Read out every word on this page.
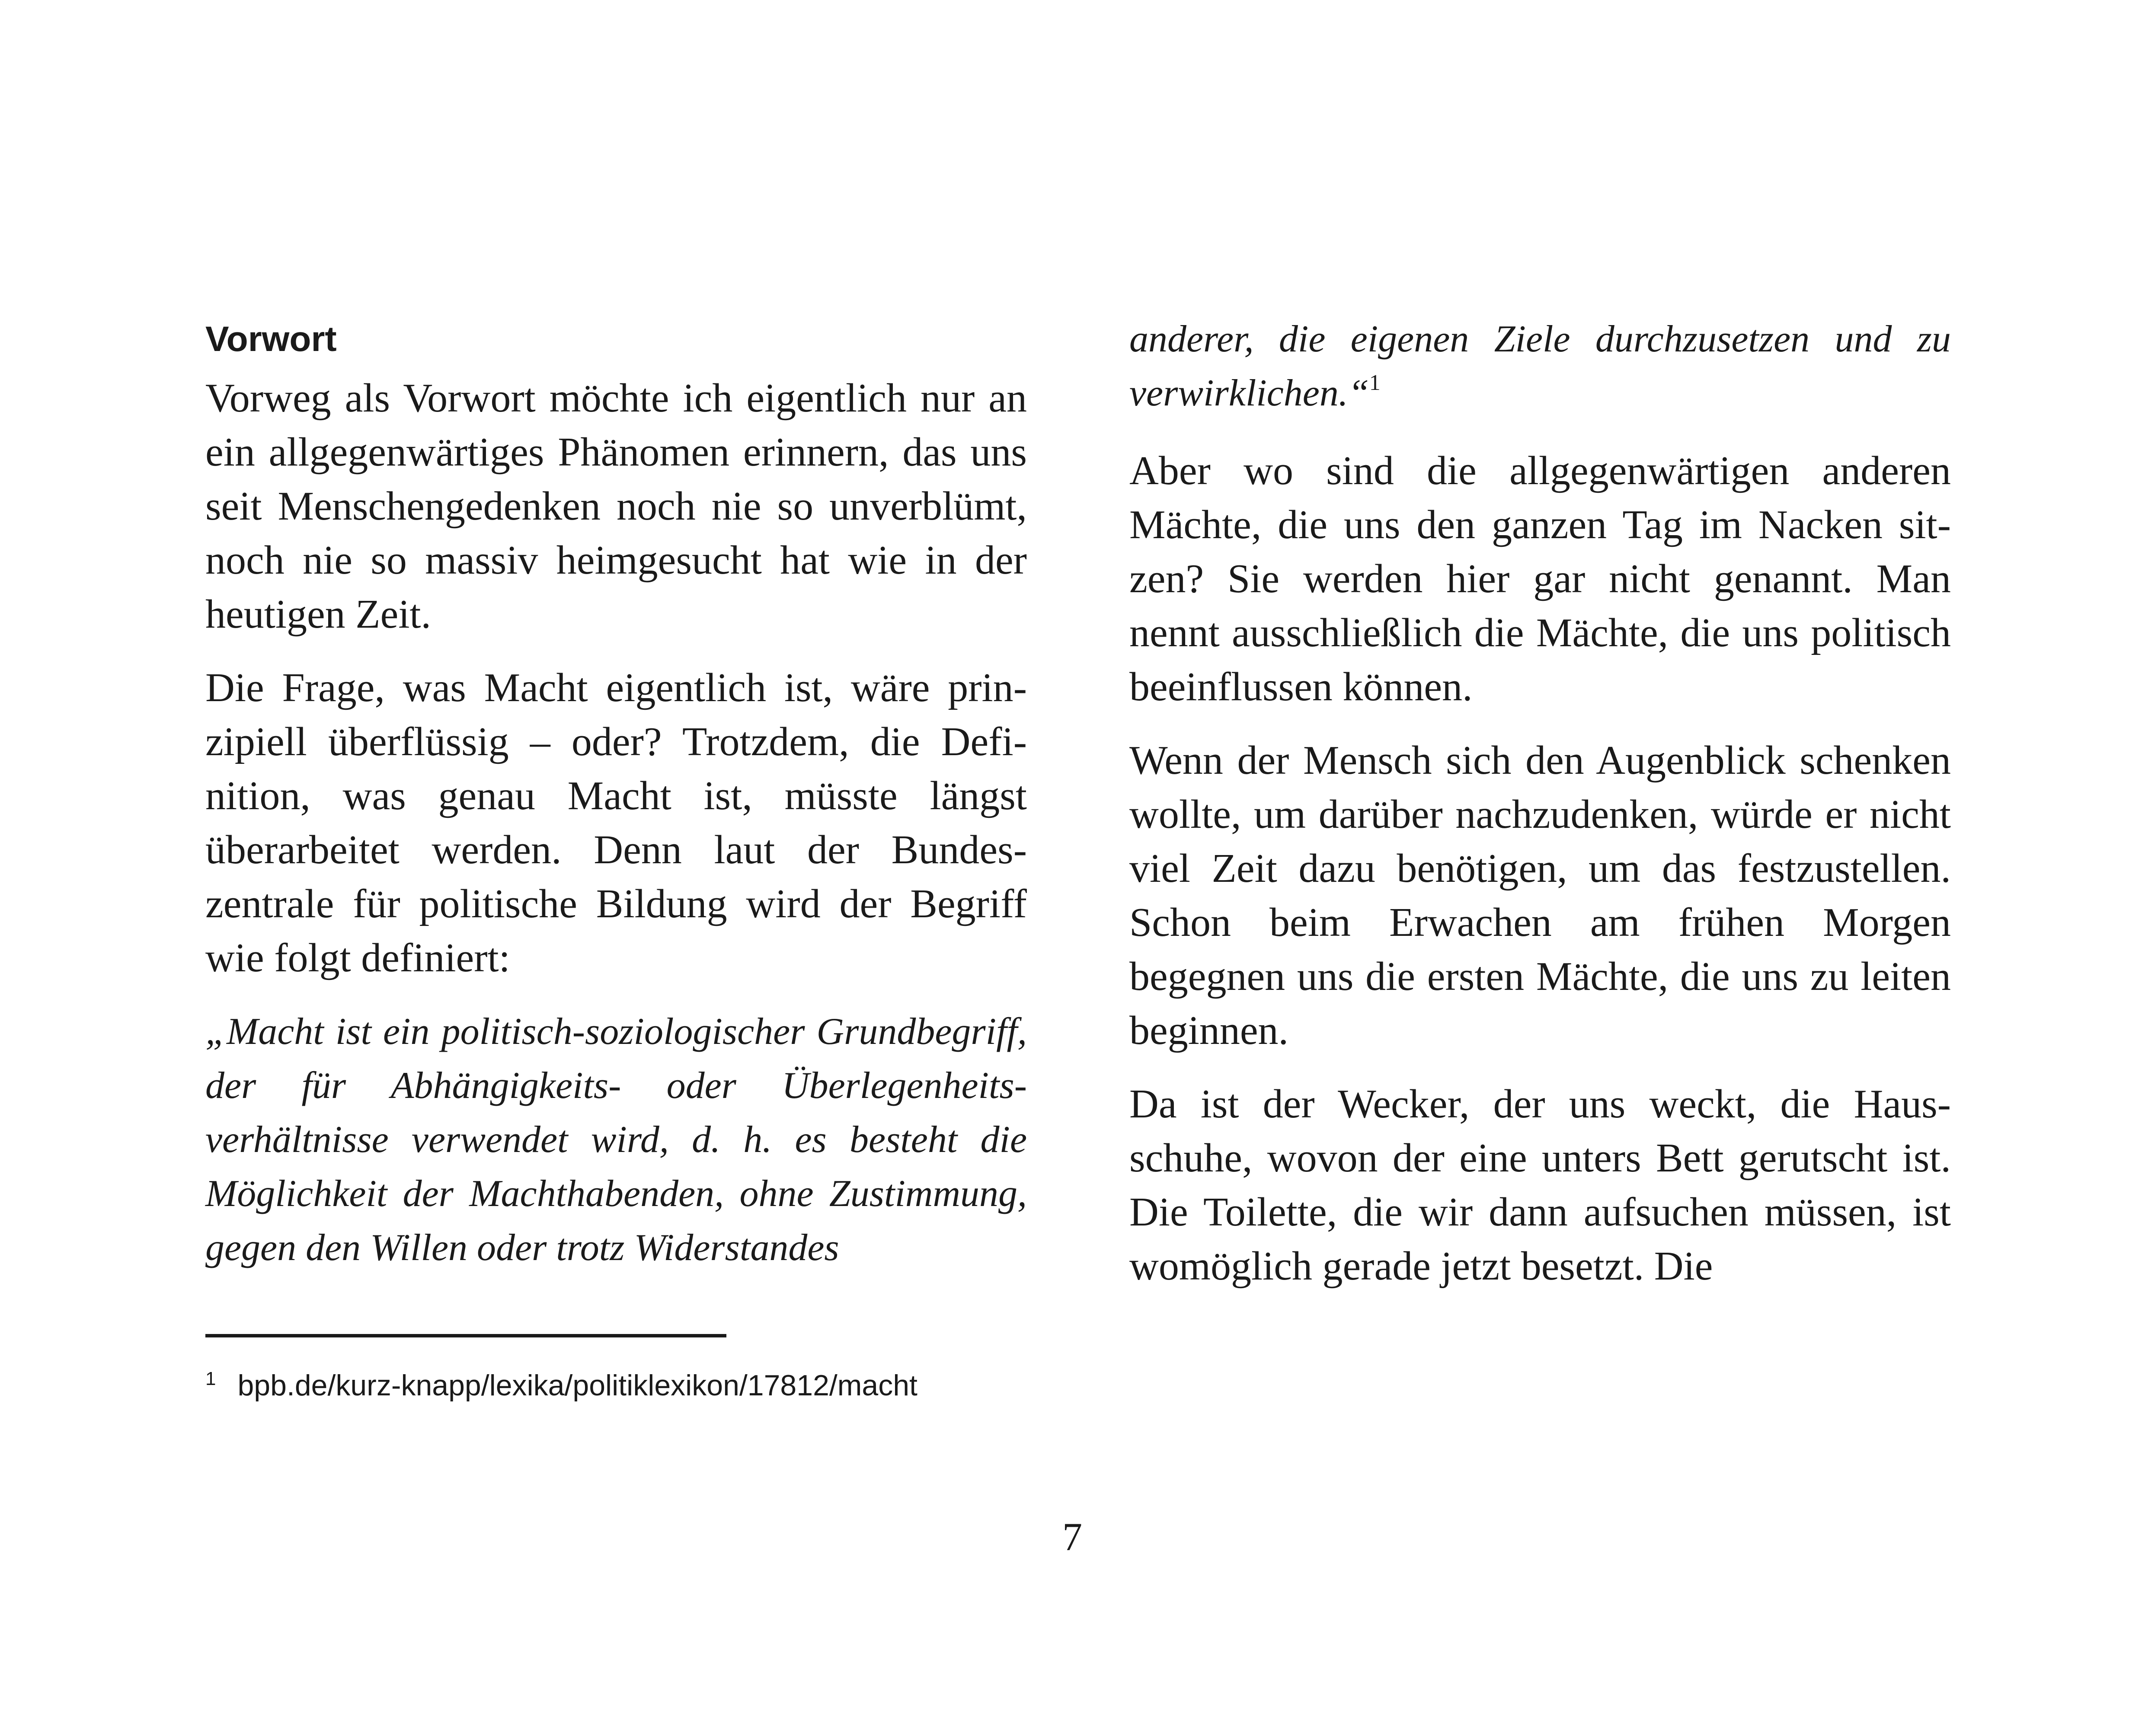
Vorwort

Vorweg als Vorwort möchte ich eigentlich nur an ein allgegenwärtiges Phänomen erinnern, das uns seit Menschengedenken noch nie so unverblümt, noch nie so massiv heimgesucht hat wie in der heutigen Zeit.

Die Frage, was Macht eigentlich ist, wäre prinzipiell überflüssig – oder? Trotzdem, die Definition, was genau Macht ist, müsste längst überarbeitet werden. Denn laut der Bundeszentrale für politische Bildung wird der Begriff wie folgt definiert:

„Macht ist ein politisch-soziologischer Grundbegriff, der für Abhängigkeits- oder Überlegenheitsverhältnisse verwendet wird, d. h. es besteht die Möglichkeit der Machthabenden, ohne Zustimmung, gegen den Willen oder trotz Widerstandes

anderer, die eigenen Ziele durchzusetzen und zu verwirklichen.“$^1$

Aber wo sind die allgegenwärtigen anderen Mächte, die uns den ganzen Tag im Nacken sitzen? Sie werden hier gar nicht genannt. Man nennt ausschließlich die Mächte, die uns politisch beeinflussen können.

Wenn der Mensch sich den Augenblick schenken wollte, um darüber nachzudenken, würde er nicht viel Zeit dazu benötigen, um das festzustellen. Schon beim Erwachen am frühen Morgen begegnen uns die ersten Mächte, die uns zu leiten beginnen.

Da ist der Wecker, der uns weckt, die Hausschuhe, wovon der eine unters Bett gerutscht ist. Die Toilette, die wir dann aufsuchen müssen, ist womöglich gerade jetzt besetzt. Die

$^1$ bpb.de/kurz-knapp/lexika/politiklexikon/17812/macht
7
